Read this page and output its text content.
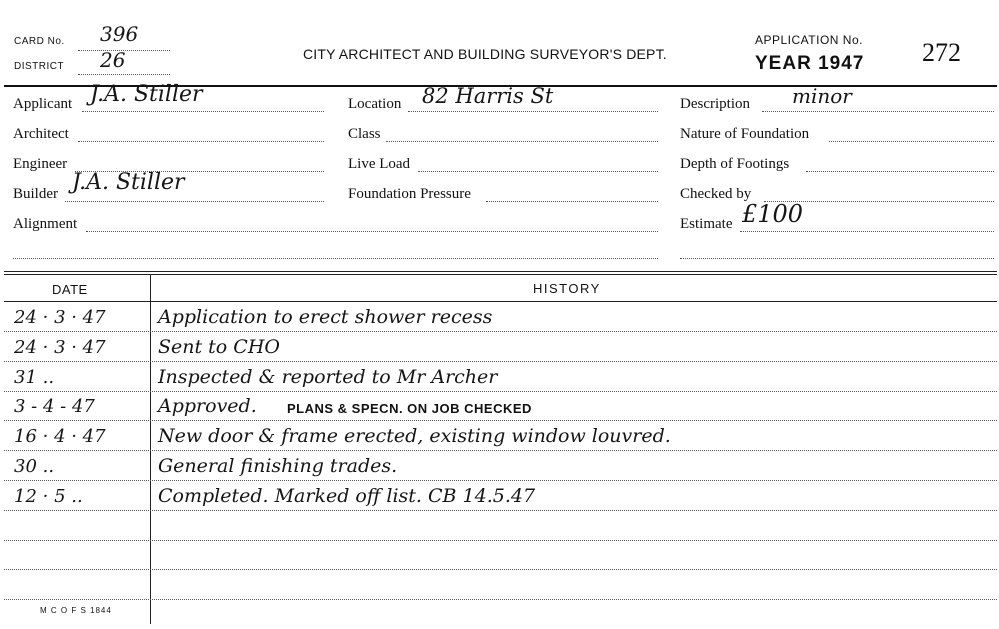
CARD No. 396
DISTRICT 26	CITY ARCHITECT AND BUILDING SURVEYOR'S DEPT.
APPLICATION No.
YEAR 1947 272
Applicant J.A. Stiller
Architect
Engineer
Builder J.A. Stiller
Alignment
Location 82 Harris St
Class
Live Load
Foundation Pressure
Description minor
Nature of Foundation
Depth of Footings
Checked by
Estimate £100
DATE	HISTORY
24 · 3 · 47	Application to erect shower recess
24 · 3 · 47	Sent to CHO
31 ..	Inspected & reported to Mr Archer
3 - 4 - 47	Approved. PLANS & SPECN. ON JOB CHECKED
16 · 4 · 47	New door & frame erected, existing window louvred.
30 ..	General finishing trades.
12 · 5 ..	Completed. Marked off list. CB 14.5.47
M C O F S 1844
